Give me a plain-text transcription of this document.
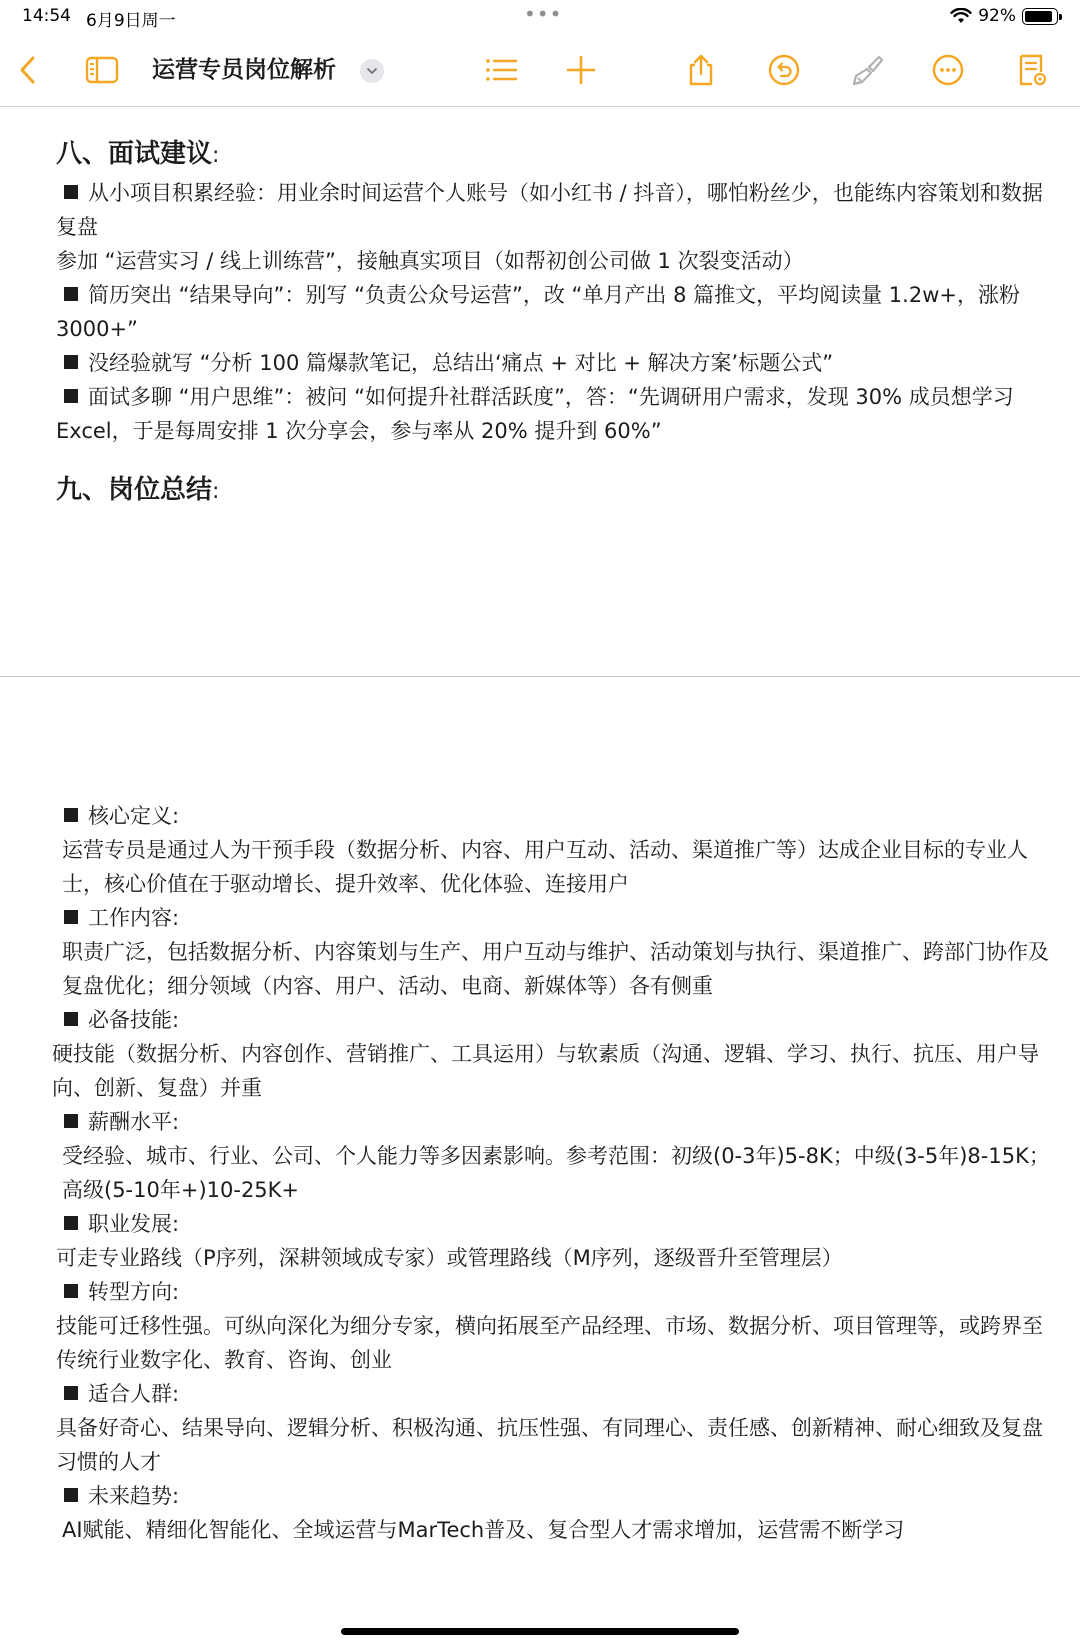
14:54 6月9日周一	•••	92%
运营专员岗位解析
八、面试建议:
从小项目积累经验：用业余时间运营个人账号（如小红书 / 抖音），哪怕粉丝少，也能练内容策划和数据复盘
参加 “运营实习 / 线上训练营”，接触真实项目（如帮初创公司做 1 次裂变活动）
简历突出 “结果导向”：别写 “负责公众号运营”，改 “单月产出 8 篇推文，平均阅读量 1.2w+，涨粉 3000+”
没经验就写 “分析 100 篇爆款笔记，总结出‘痛点 + 对比 + 解决方案’标题公式”
面试多聊 “用户思维”：被问 “如何提升社群活跃度”，答：“先调研用户需求，发现 30% 成员想学习 Excel，于是每周安排 1 次分享会，参与率从 20% 提升到 60%”
九、岗位总结:
核心定义:
运营专员是通过人为干预手段（数据分析、内容、用户互动、活动、渠道推广等）达成企业目标的专业人士，核心价值在于驱动增长、提升效率、优化体验、连接用户
工作内容:
职责广泛，包括数据分析、内容策划与生产、用户互动与维护、活动策划与执行、渠道推广、跨部门协作及复盘优化；细分领域（内容、用户、活动、电商、新媒体等）各有侧重
必备技能:
硬技能（数据分析、内容创作、营销推广、工具运用）与软素质（沟通、逻辑、学习、执行、抗压、用户导向、创新、复盘）并重
薪酬水平:
受经验、城市、行业、公司、个人能力等多因素影响。参考范围：初级(0-3年)5-8K；中级(3-5年)8-15K；高级(5-10年+)10-25K+
职业发展:
可走专业路线（P序列，深耕领域成专家）或管理路线（M序列，逐级晋升至管理层）
转型方向:
技能可迁移性强。可纵向深化为细分专家，横向拓展至产品经理、市场、数据分析、项目管理等，或跨界至传统行业数字化、教育、咨询、创业
适合人群:
具备好奇心、结果导向、逻辑分析、积极沟通、抗压性强、有同理心、责任感、创新精神、耐心细致及复盘习惯的人才
未来趋势:
AI赋能、精细化智能化、全域运营与MarTech普及、复合型人才需求增加，运营需不断学习
